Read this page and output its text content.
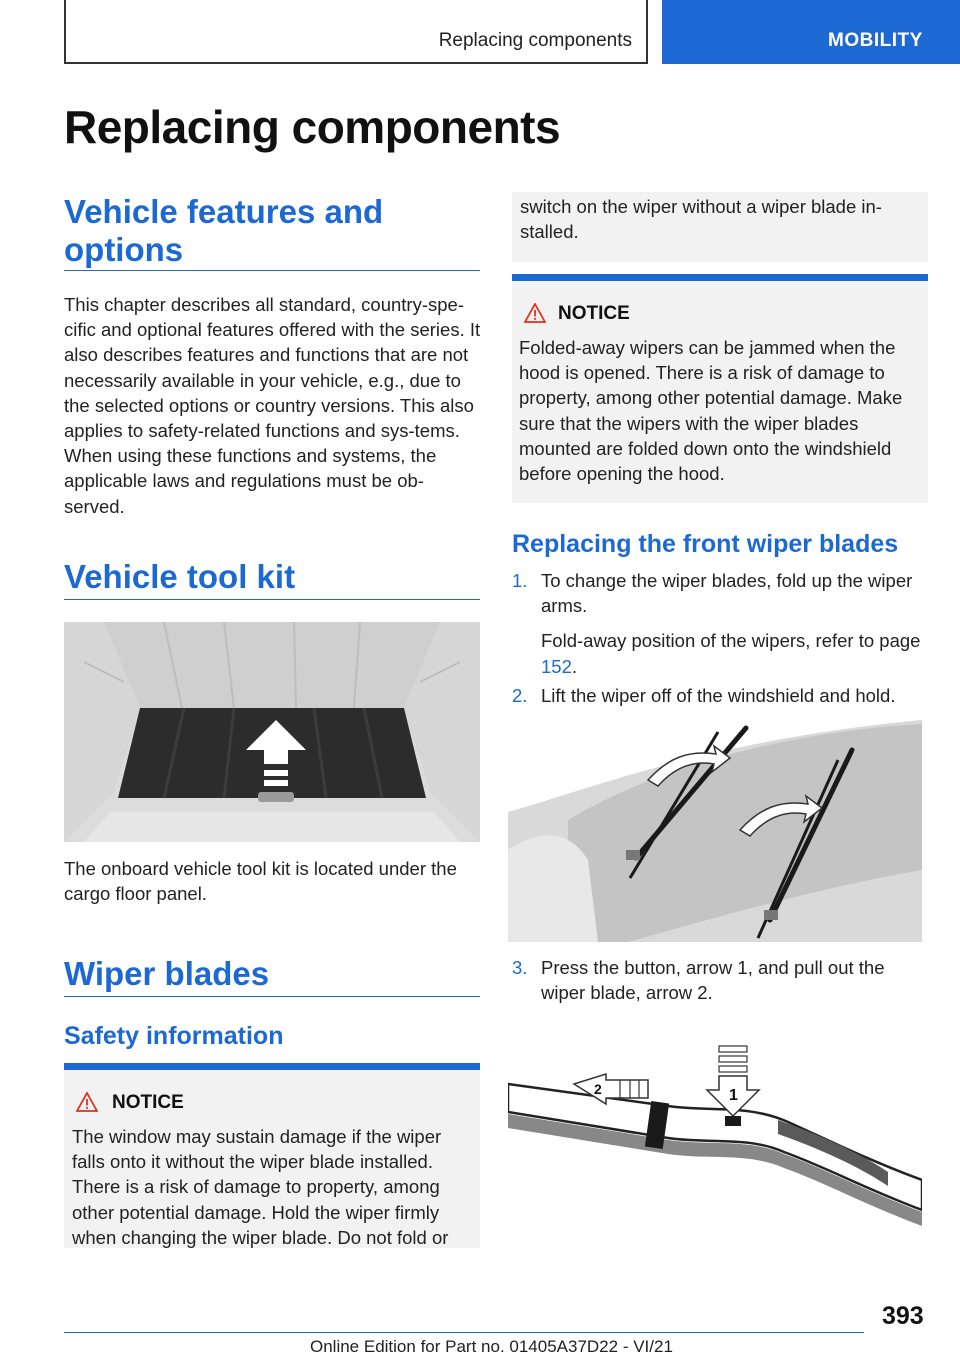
Replacing components	MOBILITY
Replacing components
Vehicle features and options
This chapter describes all standard, country-spe-cific and optional features offered with the series. It also describes features and functions that are not necessarily available in your vehicle, e.g., due to the selected options or country versions. This also applies to safety-related functions and sys-tems. When using these functions and systems, the applicable laws and regulations must be ob-served.
Vehicle tool kit
The onboard vehicle tool kit is located under the cargo floor panel.
Wiper blades
Safety information
NOTICE
The window may sustain damage if the wiper falls onto it without the wiper blade installed. There is a risk of damage to property, among other potential damage. Hold the wiper firmly when changing the wiper blade. Do not fold or
switch on the wiper without a wiper blade in-stalled.
NOTICE
Folded-away wipers can be jammed when the hood is opened. There is a risk of damage to property, among other potential damage. Make sure that the wipers with the wiper blades mounted are folded down onto the windshield before opening the hood.
Replacing the front wiper blades
1. To change the wiper blades, fold up the wiper arms.
Fold-away position of the wipers, refer to page 152.
2. Lift the wiper off of the windshield and hold.
3. Press the button, arrow 1, and pull out the wiper blade, arrow 2.
2	1
393
Online Edition for Part no. 01405A37D22 - VI/21
